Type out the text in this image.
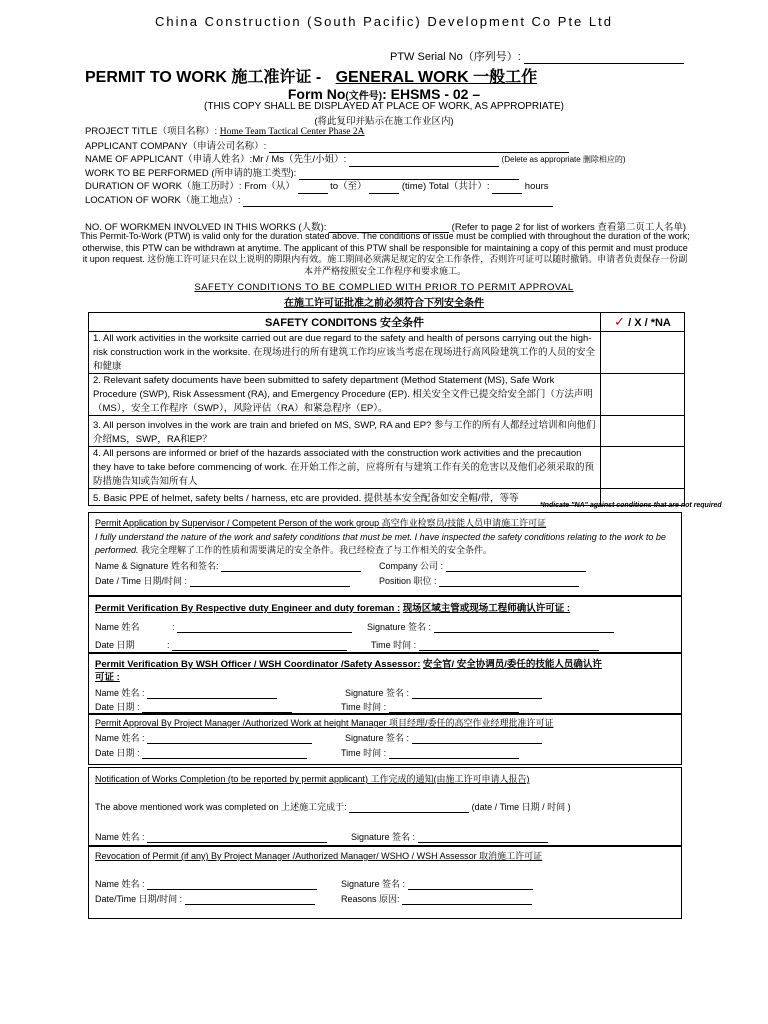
China Construction (South Pacific) Development Co Pte Ltd
PTW Serial No（序列号）:
PERMIT TO WORK 施工准许证 - GENERAL WORK 一般工作
Form No(文件号): EHSMS - 02 –
(THIS COPY SHALL BE DISPLAYED AT PLACE OF WORK, AS APPROPRIATE)
(将此复印并贴示在施工作业区内)
PROJECT TITLE（项目名称）: Home Team Tactical Center Phase 2A
APPLICANT COMPANY（申请公司名称）:
NAME OF APPLICANT（申请人姓名）:Mr / Ms（先生/小姐）:	(Delete as appropriate 删除相应的)
WORK TO BE PERFORMED (所申请的施工类型):
DURATION OF WORK（施工历时）: From（从）	to（至）	(time) Total（共计）:	hours
LOCATION OF WORK（施工地点）:
NO. OF WORKMEN INVOLVED IN THIS WORKS (人数):	(Refer to page 2 for list of workers 查看第二页工人名单)
This Permit-To-Work (PTW) is valid only for the duration stated above. The conditions of issue must be complied with throughout the duration of the work; otherwise, this PTW can be withdrawn at anytime. The applicant of this PTW shall be responsible for maintaining a copy of this permit and must produce it upon request. 这份施工许可证只在以上说明的期限内有效。施工期间必须满足规定的安全工作条件，否则许可证可以随时撤销。申请者负责保存一份副本并严格按照安全工作程序和要求施工。
SAFETY CONDITIONS TO BE COMPLIED WITH PRIOR TO PERMIT APPROVAL
在施工许可证批准之前必须符合下列安全条件
SAFETY CONDITONS 安全条件	✓ / X / *NA
1. All work activities in the worksite carried out are due regard to the safety and health of persons carrying out the high-risk construction work in the worksite. 在现场进行的所有建筑工作均应该当考虑在现场进行高风险建筑工作的人员的安全和健康	
2. Relevant safety documents have been submitted to safety department (Method Statement (MS), Safe Work Procedure (SWP), Risk Assessment (RA), and Emergency Procedure (EP). 相关安全文件已提交给安全部门（方法声明（MS），安全工作程序（SWP），风险评估（RA）和紧急程序（EP）。	
3. All person involves in the work are train and briefed on MS, SWP, RA and EP? 参与工作的所有人都经过培训和向他们介绍MS，SWP，RA和EP？	
4. All persons are informed or brief of the hazards associated with the construction work activities and the precaution they have to take before commencing of work. 在开始工作之前，应将所有与建筑工作有关的危害以及他们必须采取的预防措施告知或告知所有人	
5. Basic PPE of helmet, safety belts / harness, etc are provided. 提供基本安全配备如安全帽/带，等等	
*Indicate "NA" against conditions that are not required
Permit Application by Supervisor / Competent Person of the work group 高空作业检察员/技能人员申请施工许可证
I fully understand the nature of the work and safety conditions that must be met. I have inspected the safety conditions relating to the work to be performed. 我完全理解了工作的性质和需要满足的安全条件。我已经检查了与工作相关的安全条件。
Name & Signature 姓名和签名:	Company 公司 :
Date / Time 日期/时间 :	Position 职位 :
Permit Verification By Respective duty Engineer and duty foreman : 现场区域主管或现场工程师确认许可证 :
Name 姓名	:	Signature 签名 :
Date 日期	:	Time 时间 :
Permit Verification By WSH Officer / WSH Coordinator /Safety Assessor: 安全官/ 安全协调员/委任的技能人员确认许
可证 :
Name 姓名 :	Signature 签名 :
Date 日期 :	Time 时间 :
Permit Approval By Project Manager /Authorized Work at height Manager 项目经理/委任的高空作业经理批准许可证
Name 姓名 :	Signature 签名 :
Date 日期 :	Time 时间 :
Notification of Works Completion (to be reported by permit applicant) 工作完成的通知(由施工许可申请人报告)
The above mentioned work was completed on 上述施工完成于:	(date / Time 日期 / 时间 )
Name 姓名 :	Signature 签名 :
Revocation of Permit (if any) By Project Manager /Authorized Manager/ WSHO / WSH Assessor 取消施工许可证
Name 姓名 :	Signature 签名 :
Date/Time 日期/时间 :	Reasons 原因:
